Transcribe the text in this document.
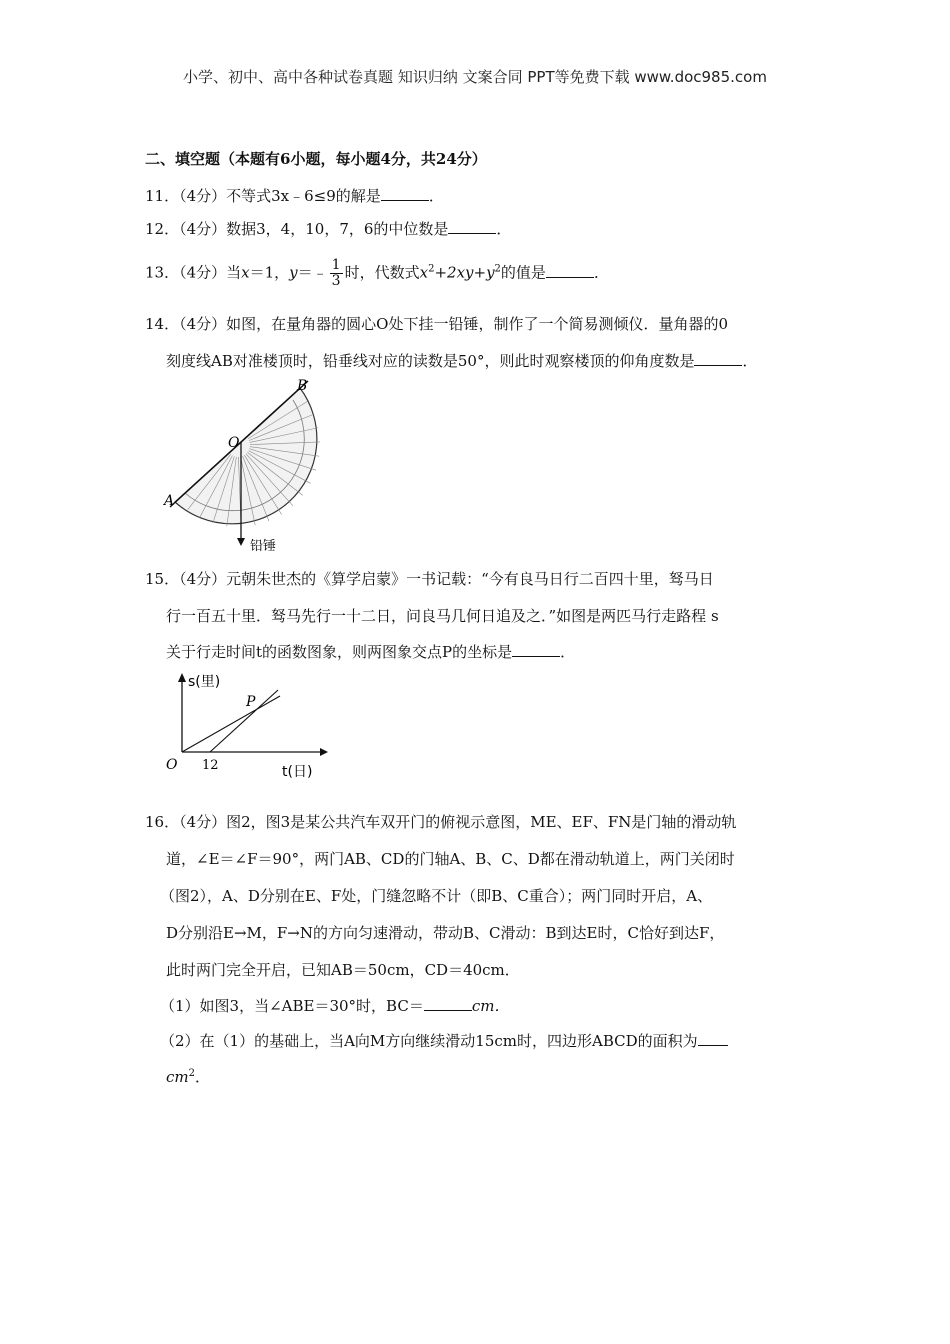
小学、初中、高中各种试卷真题 知识归纳 文案合同 PPT等免费下载 www.doc985.com
二、填空题（本题有6小题，每小题4分，共24分）
11．（4分）不等式3x﹣6≤9的解是	．
12．（4分）数据3，4，10，7，6的中位数是	．
13．（4分）当x＝1，y＝﹣ $\frac{1}{3}$ 时，代数式$x^2+2xy+y^2$的值是	．
14．（4分）如图，在量角器的圆心O处下挂一铅锤，制作了一个简易测倾仪．量角器的0
刻度线AB对准楼顶时，铅垂线对应的读数是50°，则此时观察楼顶的仰角度数是	．
A
B
O
铅锤
15．（4分）元朝朱世杰的《算学启蒙》一书记载：“今有良马日行二百四十里，驽马日
行一百五十里．驽马先行一十二日，问良马几何日追及之．”如图是两匹马行走路程 s
关于行走时间t的函数图象，则两图象交点P的坐标是	．
s(里)
t(日)
O 12
P
16．（4分）图2，图3是某公共汽车双开门的俯视示意图，ME、EF、FN是门轴的滑动轨
道，∠E＝∠F＝90°，两门AB、CD的门轴A、B、C、D都在滑动轨道上，两门关闭时
（图2），A、D分别在E、F处，门缝忽略不计（即B、C重合）；两门同时开启，A、
D分别沿E→M，F→N的方向匀速滑动，带动B、C滑动：B到达E时，C恰好到达F，
此时两门完全开启，已知AB＝50cm，CD＝40cm．
（1）如图3，当∠ABE＝30°时，BC＝	cm．
（2）在（1）的基础上，当A向M方向继续滑动15cm时，四边形ABCD的面积为
$cm^2$．
